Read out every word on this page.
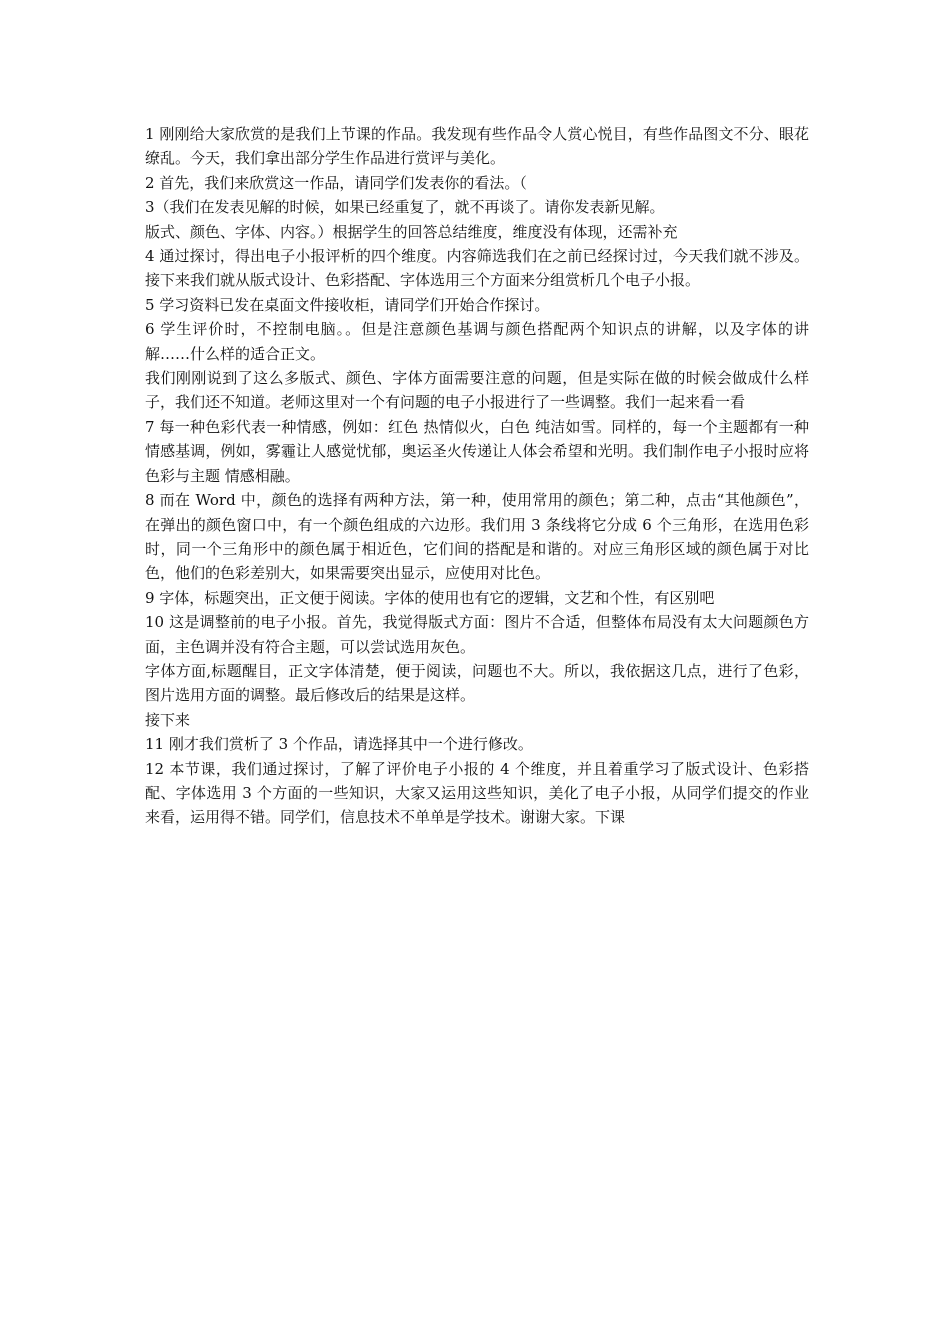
1 刚刚给大家欣赏的是我们上节课的作品。我发现有些作品令人赏心悦目，有些作品图文不分、眼花缭乱。今天，我们拿出部分学生作品进行赏评与美化。

2 首先，我们来欣赏这一作品，请同学们发表你的看法。（

3（我们在发表见解的时候，如果已经重复了，就不再谈了。请你发表新见解。

版式、颜色、字体、内容。）根据学生的回答总结维度，维度没有体现，还需补充

4 通过探讨，得出电子小报评析的四个维度。内容筛选我们在之前已经探讨过，今天我们就不涉及。接下来我们就从版式设计、色彩搭配、字体选用三个方面来分组赏析几个电子小报。

5 学习资料已发在桌面文件接收柜，请同学们开始合作探讨。

6 学生评价时，不控制电脑。。但是注意颜色基调与颜色搭配两个知识点的讲解，以及字体的讲解……什么样的适合正文。

我们刚刚说到了这么多版式、颜色、字体方面需要注意的问题，但是实际在做的时候会做成什么样子，我们还不知道。老师这里对一个有问题的电子小报进行了一些调整。我们一起来看一看

7 每一种色彩代表一种情感，例如：红色 热情似火，白色 纯洁如雪。同样的，每一个主题都有一种情感基调，例如，雾霾让人感觉忧郁，奥运圣火传递让人体会希望和光明。我们制作电子小报时应将色彩与主题 情感相融。

8 而在 Word 中，颜色的选择有两种方法，第一种，使用常用的颜色；第二种，点击“其他颜色”，在弹出的颜色窗口中，有一个颜色组成的六边形。我们用 3 条线将它分成 6 个三角形，在选用色彩时，同一个三角形中的颜色属于相近色，它们间的搭配是和谐的。对应三角形区域的颜色属于对比色，他们的色彩差别大，如果需要突出显示，应使用对比色。

9 字体，标题突出，正文便于阅读。字体的使用也有它的逻辑，文艺和个性，有区别吧

10 这是调整前的电子小报。首先，我觉得版式方面：图片不合适，但整体布局没有太大问题颜色方面，主色调并没有符合主题，可以尝试选用灰色。

字体方面,标题醒目，正文字体清楚，便于阅读，问题也不大。所以，我依据这几点，进行了色彩，图片选用方面的调整。最后修改后的结果是这样。

接下来

11 刚才我们赏析了 3 个作品，请选择其中一个进行修改。

12 本节课，我们通过探讨，了解了评价电子小报的 4 个维度，并且着重学习了版式设计、色彩搭配、字体选用 3 个方面的一些知识，大家又运用这些知识，美化了电子小报，从同学们提交的作业来看，运用得不错。同学们，信息技术不单单是学技术。谢谢大家。下课
